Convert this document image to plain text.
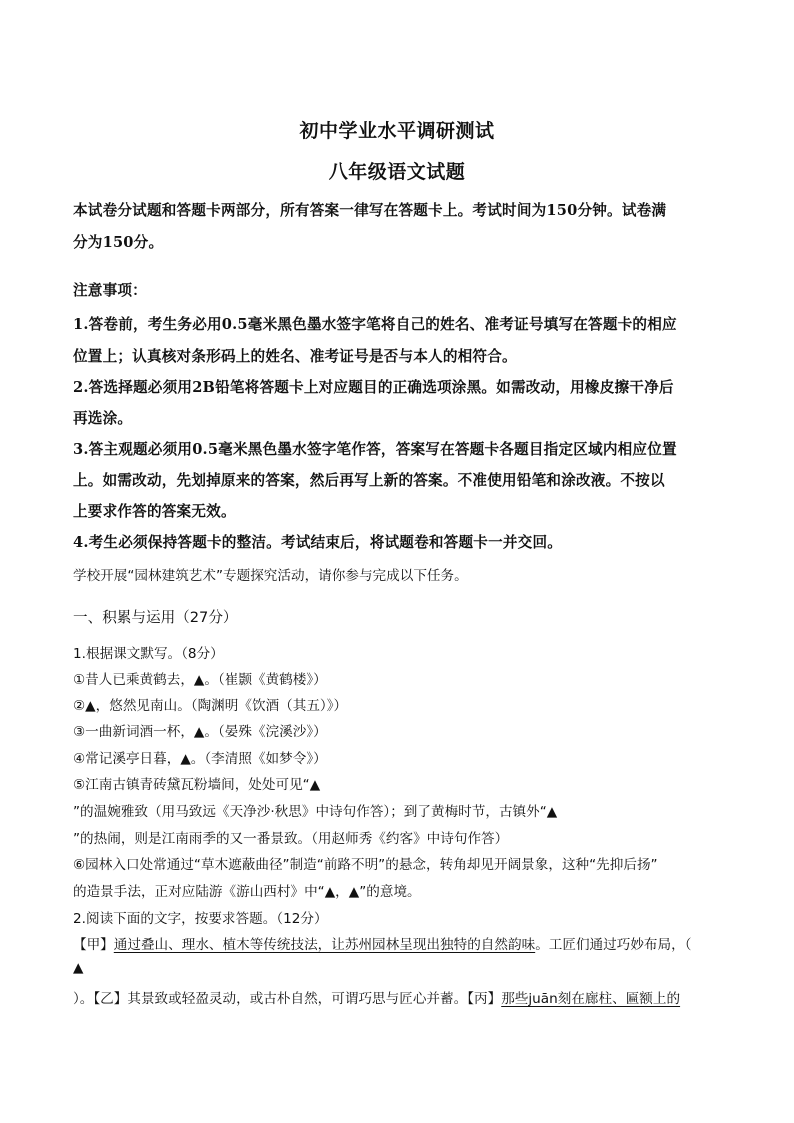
初中学业水平调研测试
八年级语文试题
本试卷分试题和答题卡两部分，所有答案一律写在答题卡上。考试时间为150分钟。试卷满
分为150分。
注意事项：
1.答卷前，考生务必用0.5毫米黑色墨水签字笔将自己的姓名、准考证号填写在答题卡的相应
位置上；认真核对条形码上的姓名、准考证号是否与本人的相符合。
2.答选择题必须用2B铅笔将答题卡上对应题目的正确选项涂黑。如需改动，用橡皮擦干净后
再选涂。
3.答主观题必须用0.5毫米黑色墨水签字笔作答，答案写在答题卡各题目指定区域内相应位置
上。如需改动，先划掉原来的答案，然后再写上新的答案。不准使用铅笔和涂改液。不按以
上要求作答的答案无效。
4.考生必须保持答题卡的整洁。考试结束后，将试题卷和答题卡一并交回。
学校开展“园林建筑艺术”专题探究活动，请你参与完成以下任务。
一、积累与运用（27分）
1.根据课文默写。（8分）
①昔人已乘黄鹤去，▲。（崔颢《黄鹤楼》）
②▲，悠然见南山。（陶渊明《饮酒（其五）》）
③一曲新词酒一杯，▲。（晏殊《浣溪沙》）
④常记溪亭日暮，▲。（李清照《如梦令》）
⑤江南古镇青砖黛瓦粉墙间，处处可见“▲
”的温婉雅致（用马致远《天净沙·秋思》中诗句作答）；到了黄梅时节，古镇外“▲
”的热闹，则是江南雨季的又一番景致。（用赵师秀《约客》中诗句作答）
⑥园林入口处常通过“草木遮蔽曲径”制造“前路不明”的悬念，转角却见开阔景象，这种“先抑后扬”
的造景手法，正对应陆游《游山西村》中“▲，▲”的意境。
2.阅读下面的文字，按要求答题。（12分）
【甲】通过叠山、理水、植木等传统技法，让苏州园林呈现出独特的自然韵味。工匠们通过巧妙布局，（
▲
）。【乙】其景致或轻盈灵动，或古朴自然，可谓巧思与匠心并蓄。【丙】那些juān刻在廊柱、匾额上的
